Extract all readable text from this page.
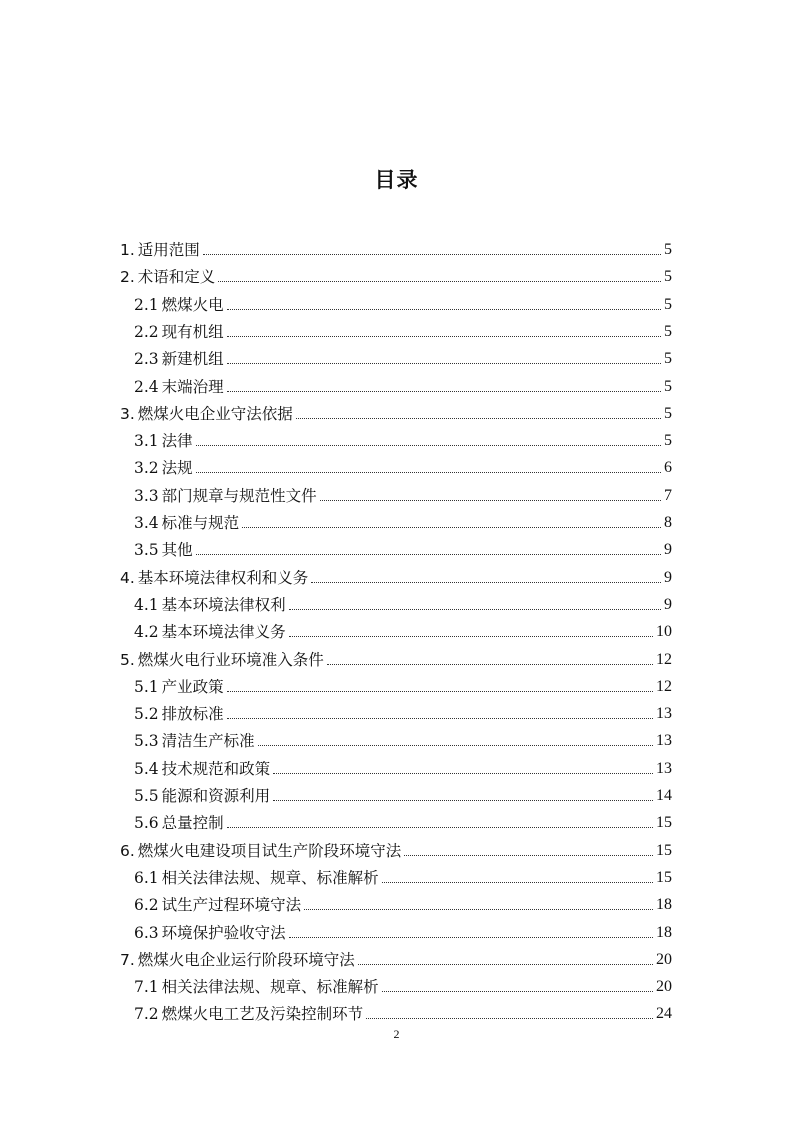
目录
1. 适用范围	5
2. 术语和定义	5
2.1 燃煤火电	5
2.2 现有机组	5
2.3 新建机组	5
2.4 末端治理	5
3. 燃煤火电企业守法依据	5
3.1 法律	5
3.2 法规	6
3.3 部门规章与规范性文件	7
3.4 标准与规范	8
3.5 其他	9
4. 基本环境法律权利和义务	9
4.1 基本环境法律权利	9
4.2 基本环境法律义务	10
5. 燃煤火电行业环境准入条件	12
5.1 产业政策	12
5.2 排放标准	13
5.3 清洁生产标准	13
5.4 技术规范和政策	13
5.5 能源和资源利用	14
5.6 总量控制	15
6. 燃煤火电建设项目试生产阶段环境守法	15
6.1 相关法律法规、规章、标准解析	15
6.2 试生产过程环境守法	18
6.3 环境保护验收守法	18
7. 燃煤火电企业运行阶段环境守法	20
7.1 相关法律法规、规章、标准解析	20
7.2 燃煤火电工艺及污染控制环节	24
2
